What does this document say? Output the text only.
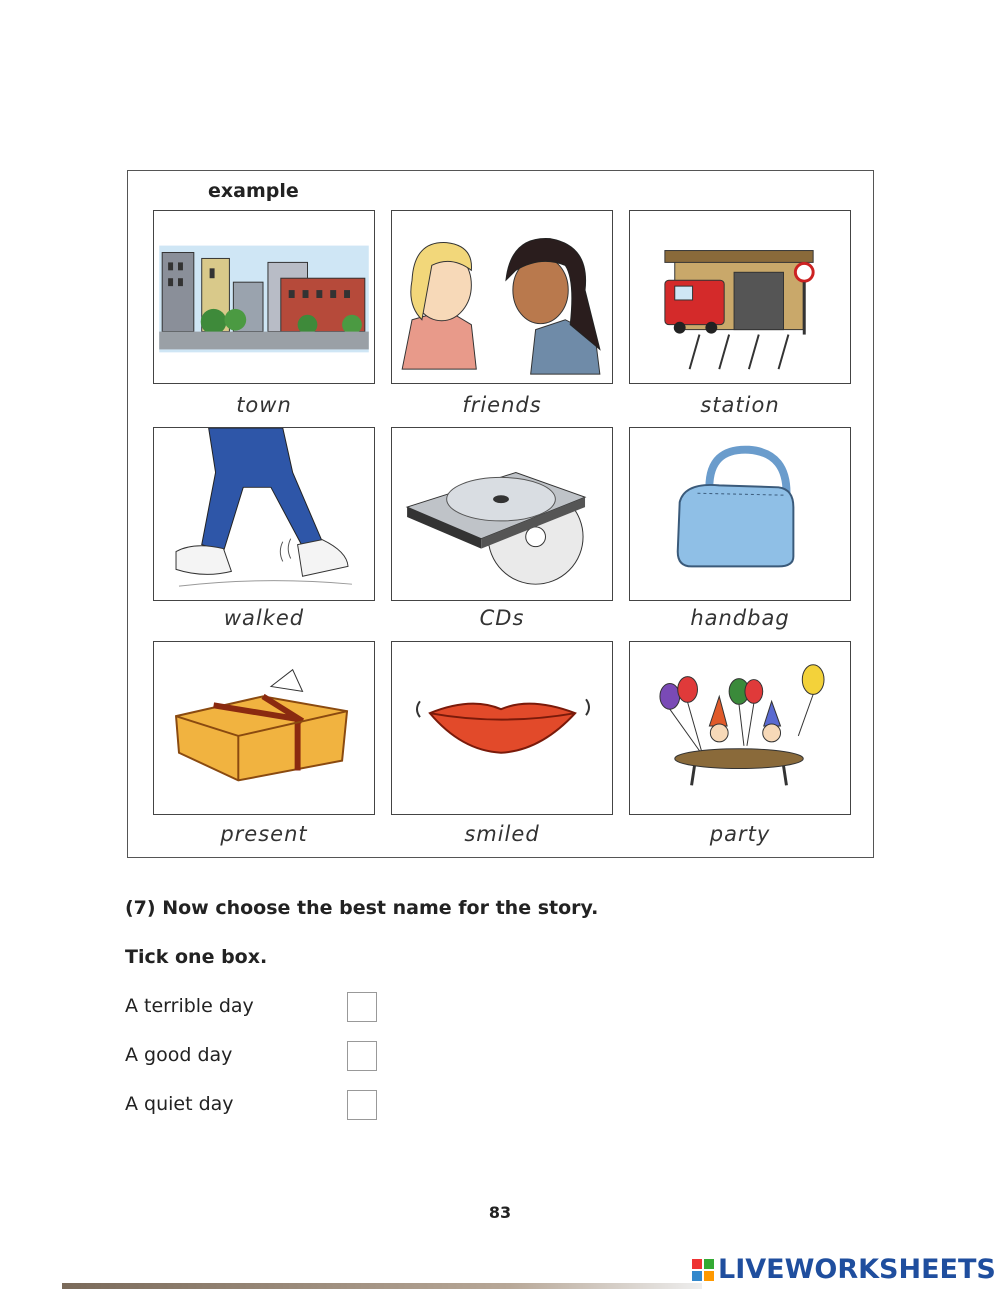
example
town	friends	station
walked	CDs	handbag
present	smiled	party
(7) Now choose the best name for the story.
Tick one box.
A terrible day
A good day
A quiet day
83
LIVEWORKSHEETS
